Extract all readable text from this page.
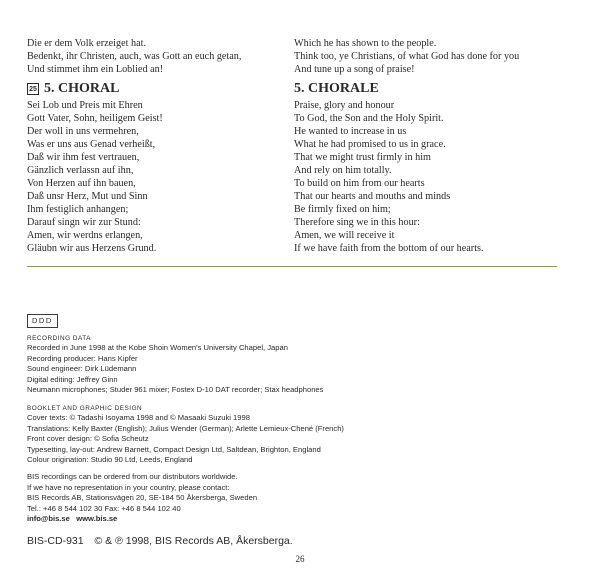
Die er dem Volk erzeiget hat.
Bedenkt, ihr Christen, auch, was Gott an euch getan,
Und stimmet ihm ein Loblied an!
Which he has shown to the people.
Think too, ye Christians, of what God has done for you
And tune up a song of praise!
25 5. CHORAL
Sei Lob und Preis mit Ehren
Gott Vater, Sohn, heiligem Geist!
Der woll in uns vermehren,
Was er uns aus Genad verheißt,
Daß wir ihm fest vertrauen,
Gänzlich verlassn auf ihn,
Von Herzen auf ihn bauen,
Daß unsr Herz, Mut und Sinn
Ihm festiglich anhangen;
Darauf singn wir zur Stund:
Amen, wir werdns erlangen,
Gläubn wir aus Herzens Grund.
5. CHORALE
Praise, glory and honour
To God, the Son and the Holy Spirit.
He wanted to increase in us
What he had promised to us in grace.
That we might trust firmly in him
And rely on him totally.
To build on him from our hearts
That our hearts and mouths and minds
Be firmly fixed on him;
Therefore sing we in this hour:
Amen, we will receive it
If we have faith from the bottom of our hearts.
DDD
RECORDING DATA
Recorded in June 1998 at the Kobe Shoin Women's University Chapel, Japan
Recording producer: Hans Kipfer
Sound engineer: Dirk Lüdemann
Digital editing: Jeffrey Ginn
Neumann microphones; Studer 961 mixer; Fostex D-10 DAT recorder; Stax headphones
BOOKLET AND GRAPHIC DESIGN
Cover texts: © Tadashi Isoyama 1998 and © Masaaki Suzuki 1998
Translations: Kelly Baxter (English); Julius Wender (German); Arlette Lemieux-Chené (French)
Front cover design: © Sofia Scheutz
Typesetting, lay-out: Andrew Barnett, Compact Design Ltd, Saltdean, Brighton, England
Colour origination: Studio 90 Ltd, Leeds, England
BIS recordings can be ordered from our distributors worldwide.
If we have no representation in your country, please contact:
BIS Records AB, Stationsvägen 20, SE-184 50 Åkersberga, Sweden
Tel.: +46 8 544 102 30 Fax: +46 8 544 102 40
info@bis.se www.bis.se
BIS-CD-931 © & ℗ 1998, BIS Records AB, Åkersberga.
26
